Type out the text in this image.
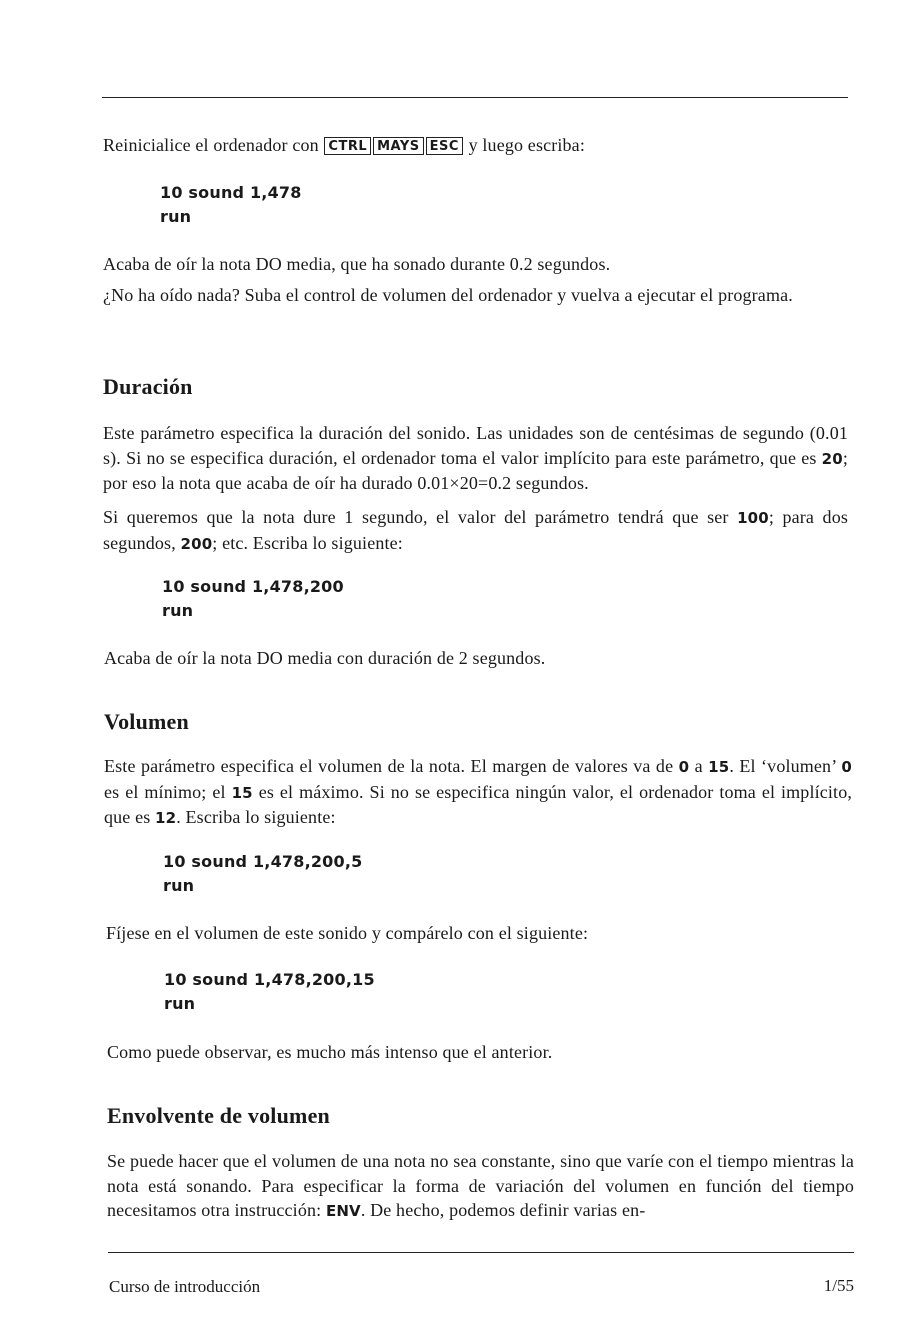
Reinicialice el ordenador con CTRL MAYS ESC y luego escriba:
10 sound 1,478
run
Acaba de oír la nota DO media, que ha sonado durante 0.2 segundos.
¿No ha oído nada? Suba el control de volumen del ordenador y vuelva a ejecutar el programa.
Duración
Este parámetro especifica la duración del sonido. Las unidades son de centésimas de segundo (0.01 s). Si no se especifica duración, el ordenador toma el valor implícito para este parámetro, que es 20; por eso la nota que acaba de oír ha durado 0.01×20=0.2 segundos.
Si queremos que la nota dure 1 segundo, el valor del parámetro tendrá que ser 100; para dos segundos, 200; etc. Escriba lo siguiente:
10 sound 1,478,200
run
Acaba de oír la nota DO media con duración de 2 segundos.
Volumen
Este parámetro especifica el volumen de la nota. El margen de valores va de 0 a 15. El ‘volumen’ 0 es el mínimo; el 15 es el máximo. Si no se especifica ningún valor, el ordenador toma el implícito, que es 12. Escriba lo siguiente:
10 sound 1,478,200,5
run
Fíjese en el volumen de este sonido y compárelo con el siguiente:
10 sound 1,478,200,15
run
Como puede observar, es mucho más intenso que el anterior.
Envolvente de volumen
Se puede hacer que el volumen de una nota no sea constante, sino que varíe con el tiempo mientras la nota está sonando. Para especificar la forma de variación del volumen en función del tiempo necesitamos otra instrucción: ENV. De hecho, podemos definir varias en-
Curso de introducción	1/55
